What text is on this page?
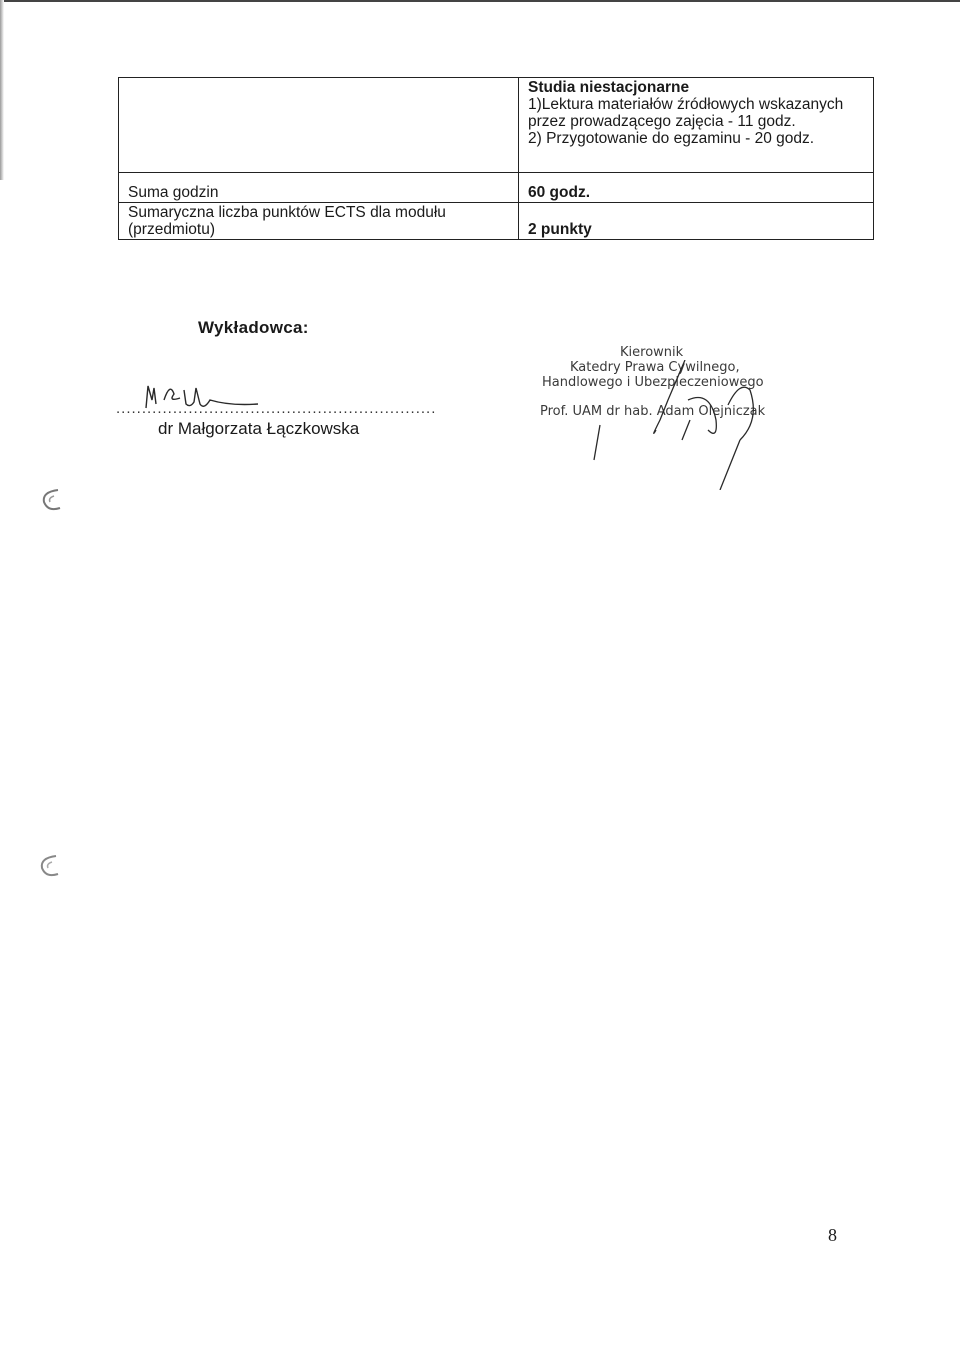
	Studia niestacjonarne
1)Lektura materiałów źródłowych wskazanych przez prowadzącego zajęcia - 11 godz.
2) Przygotowanie do egzaminu - 20 godz.

Suma godzin	60 godz.
Sumaryczna liczba punktów ECTS dla modułu (przedmiotu)	2 punkty
Wykładowca:
..............................................................
dr Małgorzata Łączkowska
Kierownik
Katedry Prawa Cywilnego,
Handlowego i Ubezpieczeniowego
Prof. UAM dr hab. Adam Olejniczak
8
